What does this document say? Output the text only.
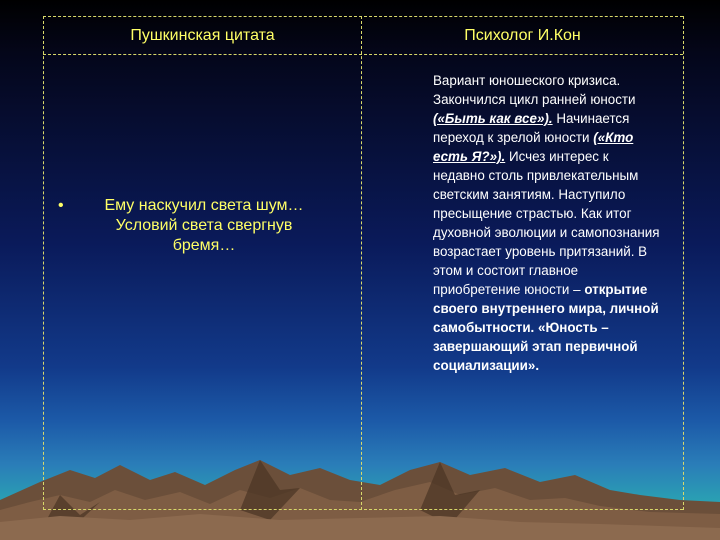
Пушкинская цитата	Психолог И.Кон
•	Ему наскучил света шум…
Условий света свергнув
бремя…
Вариант юношеского кризиса. Закончился цикл ранней юности («Быть как все»). Начинается переход к зрелой юности («Кто есть Я?»). Исчез интерес к недавно столь привлекательным светским занятиям. Наступило пресыщение страстью. Как итог духовной эволюции и самопознания возрастает уровень притязаний. В этом и состоит главное приобретение юности – открытие своего внутреннего мира, личной самобытности. «Юность – завершающий этап первичной социализации».
